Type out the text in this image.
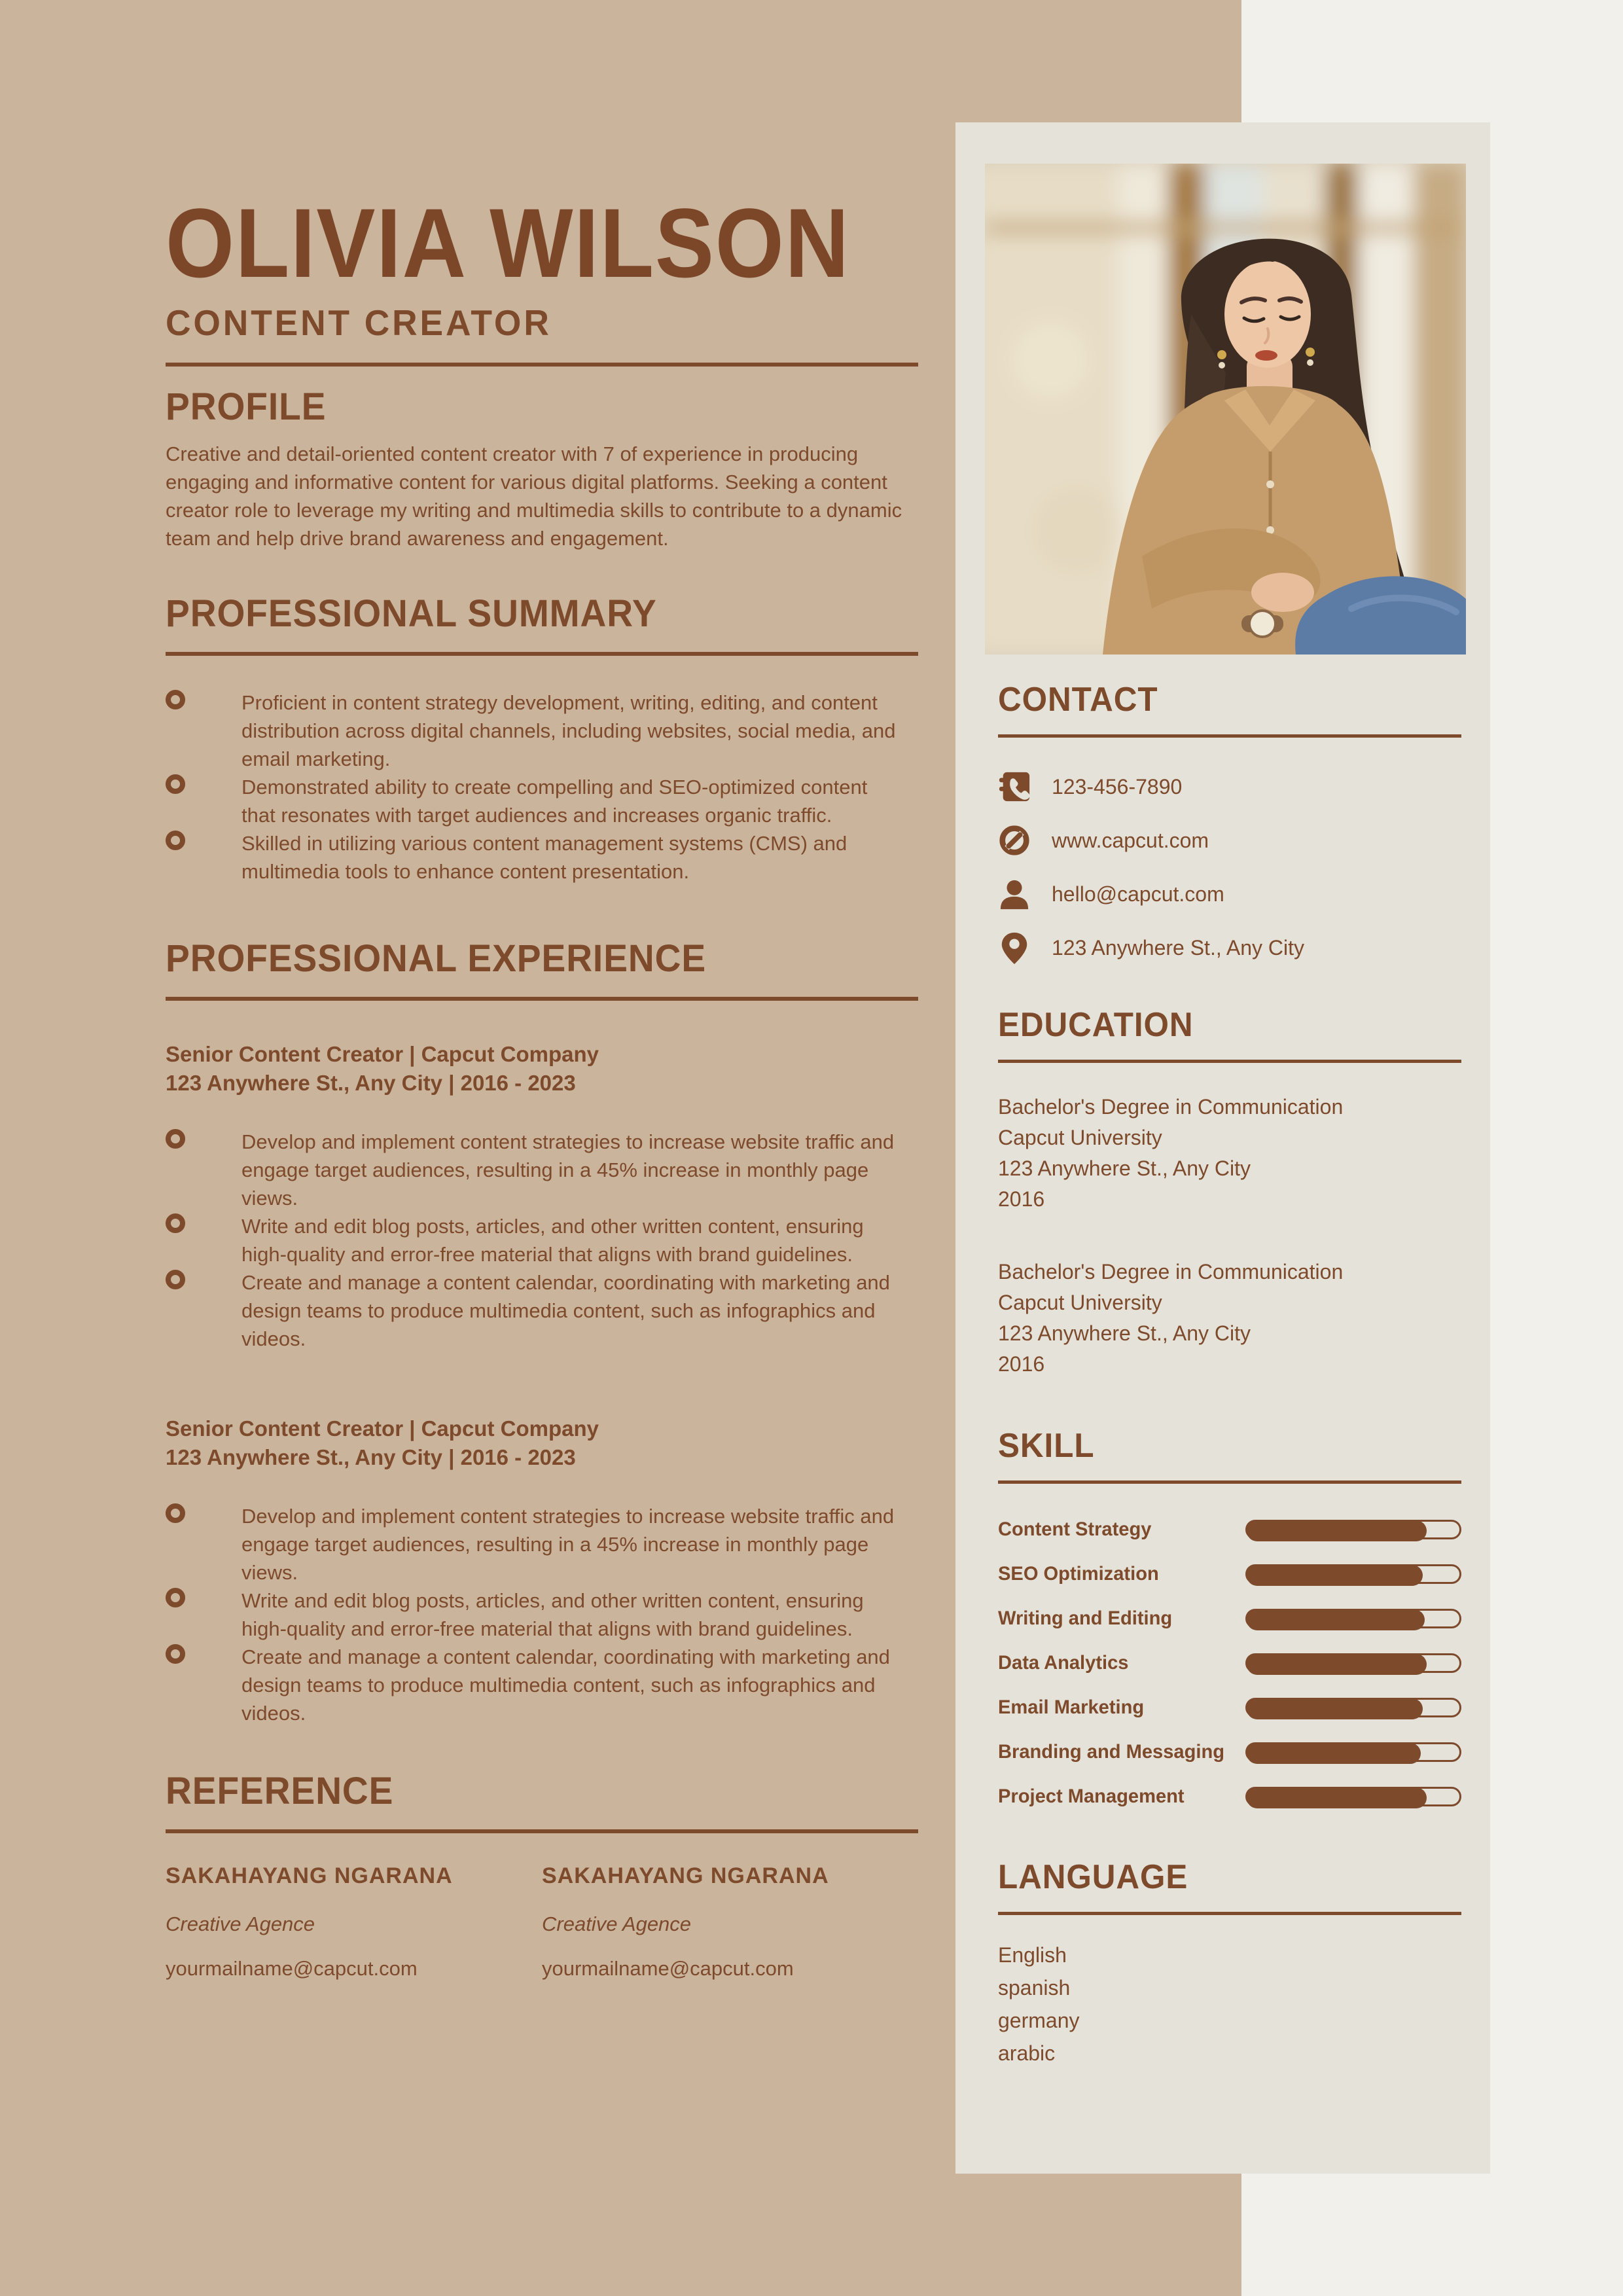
OLIVIA WILSON
CONTENT CREATOR
PROFILE

Creative and detail-oriented content creator with 7 of experience in producing engaging and informative content for various digital platforms. Seeking a content creator role to leverage my writing and multimedia skills to contribute to a dynamic team and help drive brand awareness and engagement.

PROFESSIONAL SUMMARY

Proficient in content strategy development, writing, editing, and content distribution across digital channels, including websites, social media, and email marketing.

Demonstrated ability to create compelling and SEO-optimized content that resonates with target audiences and increases organic traffic.

Skilled in utilizing various content management systems (CMS) and multimedia tools to enhance content presentation.

PROFESSIONAL EXPERIENCE
Senior Content Creator | Capcut Company
123 Anywhere St., Any City | 2016 - 2023

Develop and implement content strategies to increase website traffic and engage target audiences, resulting in a 45% increase in monthly page views.

Write and edit blog posts, articles, and other written content, ensuring high-quality and error-free material that aligns with brand guidelines.

Create and manage a content calendar, coordinating with marketing and design teams to produce multimedia content, such as infographics and videos.

Senior Content Creator | Capcut Company
123 Anywhere St., Any City | 2016 - 2023

Develop and implement content strategies to increase website traffic and engage target audiences, resulting in a 45% increase in monthly page views.

Write and edit blog posts, articles, and other written content, ensuring high-quality and error-free material that aligns with brand guidelines.

Create and manage a content calendar, coordinating with marketing and design teams to produce multimedia content, such as infographics and videos.

REFERENCE
SAKAHAYANG NGARANA
Creative Agence
yourmailname@capcut.com
SAKAHAYANG NGARANA
Creative Agence
yourmailname@capcut.com
CONTACT
123-456-7890
www.capcut.com
hello@capcut.com
123 Anywhere St., Any City
EDUCATION
Bachelor's Degree in Communication
Capcut University
123 Anywhere St., Any City
2016
Bachelor's Degree in Communication
Capcut University
123 Anywhere St., Any City
2016
SKILL
Content Strategy
SEO Optimization
Writing and Editing
Data Analytics
Email Marketing
Branding and Messaging
Project Management
LANGUAGE
English
spanish
germany
arabic
